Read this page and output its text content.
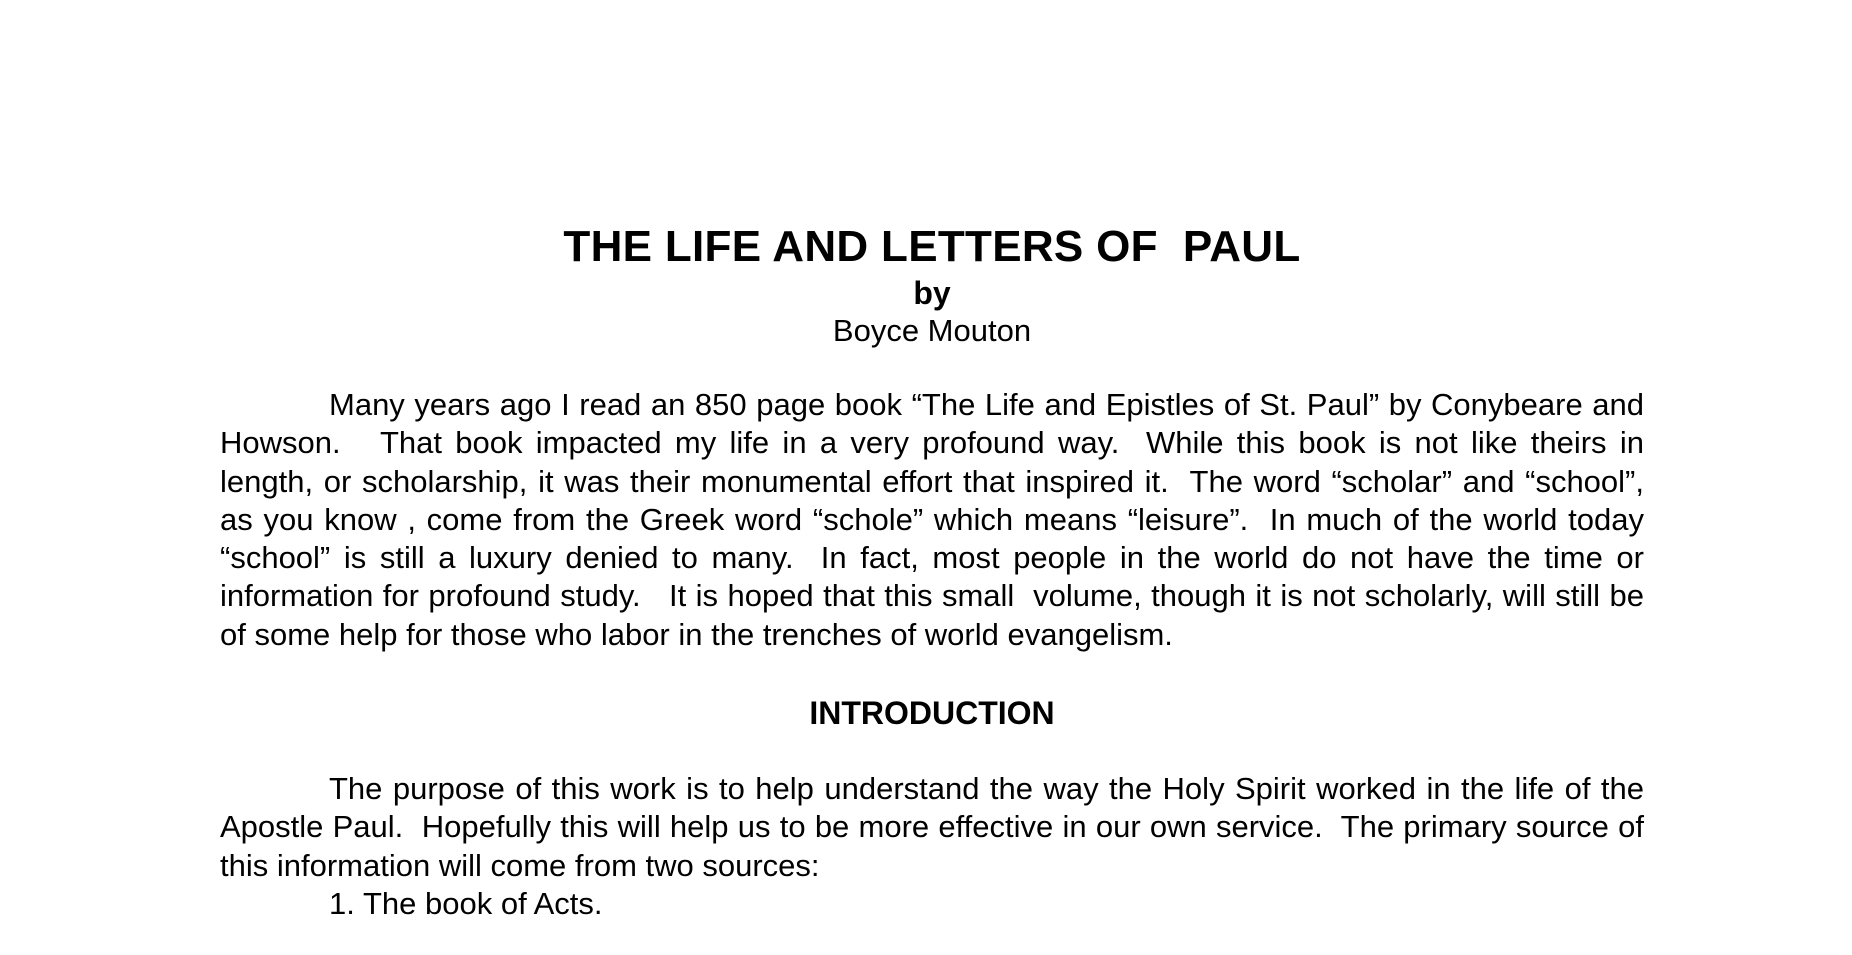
THE LIFE AND LETTERS OF  PAUL

by

Boyce Mouton

Many years ago I read an 850 page book “The Life and Epistles of St. Paul” by Conybeare and Howson.   That book impacted my life in a very profound way.  While this book is not like theirs in length, or scholarship, it was their monumental effort that inspired it.  The word “scholar” and “school”, as you know , come from the Greek word “schole” which means “leisure”.  In much of the world today “school” is still a luxury denied to many.  In fact, most people in the world do not have the time or information for profound study.   It is hoped that this small  volume, though it is not scholarly, will still be of some help for those who labor in the trenches of world evangelism.

INTRODUCTION

The purpose of this work is to help understand the way the Holy Spirit worked in the life of the Apostle Paul.  Hopefully this will help us to be more effective in our own service.  The primary source of this information will come from two sources:

1. The book of Acts.
